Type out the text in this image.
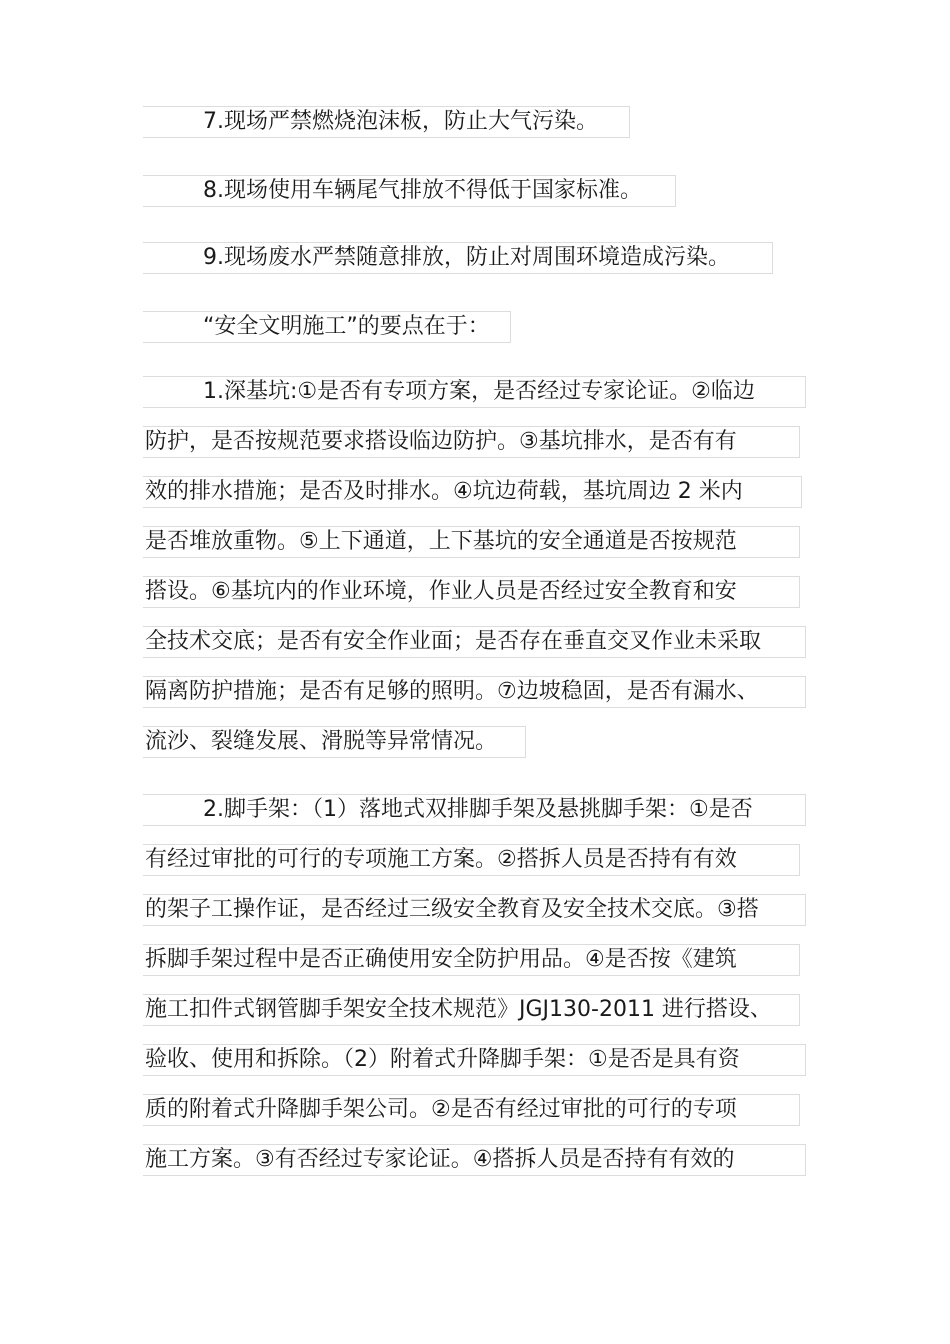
7.现场严禁燃烧泡沫板，防止大气污染。
8.现场使用车辆尾气排放不得低于国家标准。
9.现场废水严禁随意排放，防止对周围环境造成污染。
“安全文明施工”的要点在于：
1.深基坑:①是否有专项方案，是否经过专家论证。②临边
防护，是否按规范要求搭设临边防护。③基坑排水，是否有有
效的排水措施；是否及时排水。④坑边荷载，基坑周边 2 米内
是否堆放重物。⑤上下通道，上下基坑的安全通道是否按规范
搭设。⑥基坑内的作业环境，作业人员是否经过安全教育和安
全技术交底；是否有安全作业面；是否存在垂直交叉作业未采取
隔离防护措施；是否有足够的照明。⑦边坡稳固，是否有漏水、
流沙、裂缝发展、滑脱等异常情况。
2.脚手架：（1）落地式双排脚手架及悬挑脚手架：①是否
有经过审批的可行的专项施工方案。②搭拆人员是否持有有效
的架子工操作证，是否经过三级安全教育及安全技术交底。③搭
拆脚手架过程中是否正确使用安全防护用品。④是否按《建筑
施工扣件式钢管脚手架安全技术规范》JGJ130-2011 进行搭设、
验收、使用和拆除。（2）附着式升降脚手架：①是否是具有资
质的附着式升降脚手架公司。②是否有经过审批的可行的专项
施工方案。③有否经过专家论证。④搭拆人员是否持有有效的
